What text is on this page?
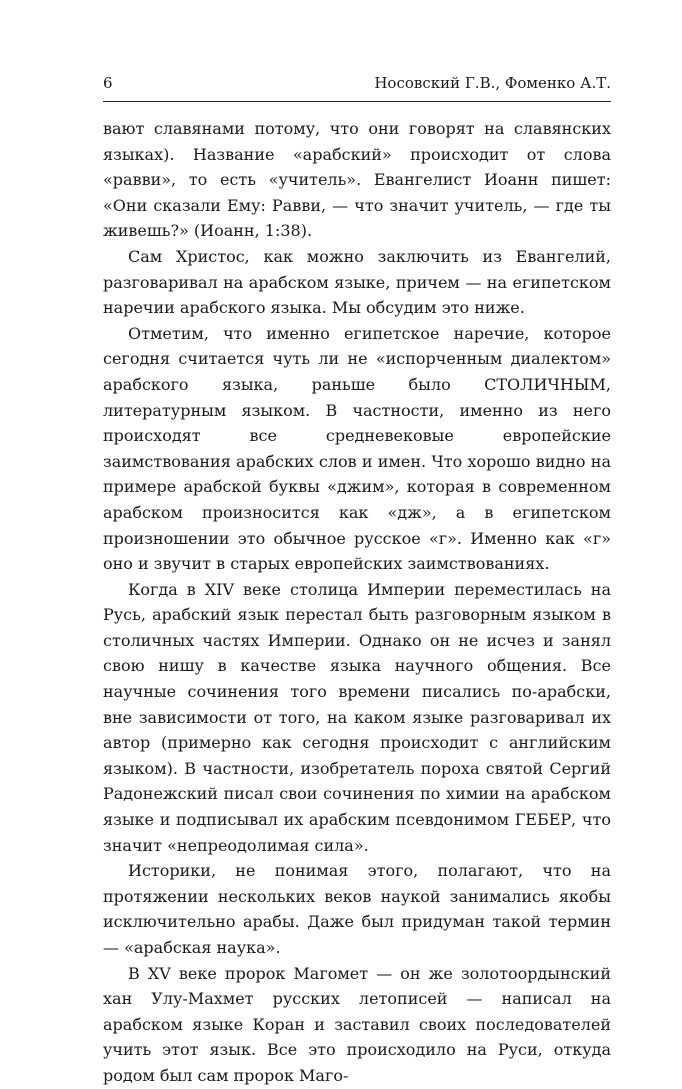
6	Носовский Г.В., Фоменко А.Т.

вают славянами потому, что они говорят на славянских языках). Название «арабский» происходит от слова «равви», то есть «учитель». Евангелист Иоанн пишет: «Они сказали Ему: Равви, — что значит учитель, — где ты живешь?» (Иоанн, 1:38).

Сам Христос, как можно заключить из Евангелий, разговаривал на арабском языке, причем — на египетском наречии арабского языка. Мы обсудим это ниже.

Отметим, что именно египетское наречие, которое сегодня считается чуть ли не «испорченным диалектом» арабского языка, раньше было СТОЛИЧНЫМ, литературным языком. В частности, именно из него происходят все средневековые европейские заимствования арабских слов и имен. Что хорошо видно на примере арабской буквы «джим», которая в современном арабском произносится как «дж», а в египетском произношении это обычное русское «г». Именно как «г» оно и звучит в старых европейских заимствованиях.

Когда в XIV веке столица Империи переместилась на Русь, арабский язык перестал быть разговорным языком в столичных частях Империи. Однако он не исчез и занял свою нишу в качестве языка научного общения. Все научные сочинения того времени писались по-арабски, вне зависимости от того, на каком языке разговаривал их автор (примерно как сегодня происходит с английским языком). В частности, изобретатель пороха святой Сергий Радонежский писал свои сочинения по химии на арабском языке и подписывал их арабским псевдонимом ГЕБЕР, что значит «непреодолимая сила».

Историки, не понимая этого, полагают, что на протяжении нескольких веков наукой занимались якобы исключительно арабы. Даже был придуман такой термин — «арабская наука».

В XV веке пророк Магомет — он же золотоордынский хан Улу-Махмет русских летописей — написал на арабском языке Коран и заставил своих последователей учить этот язык. Все это происходило на Руси, откуда родом был сам пророк Маго-
